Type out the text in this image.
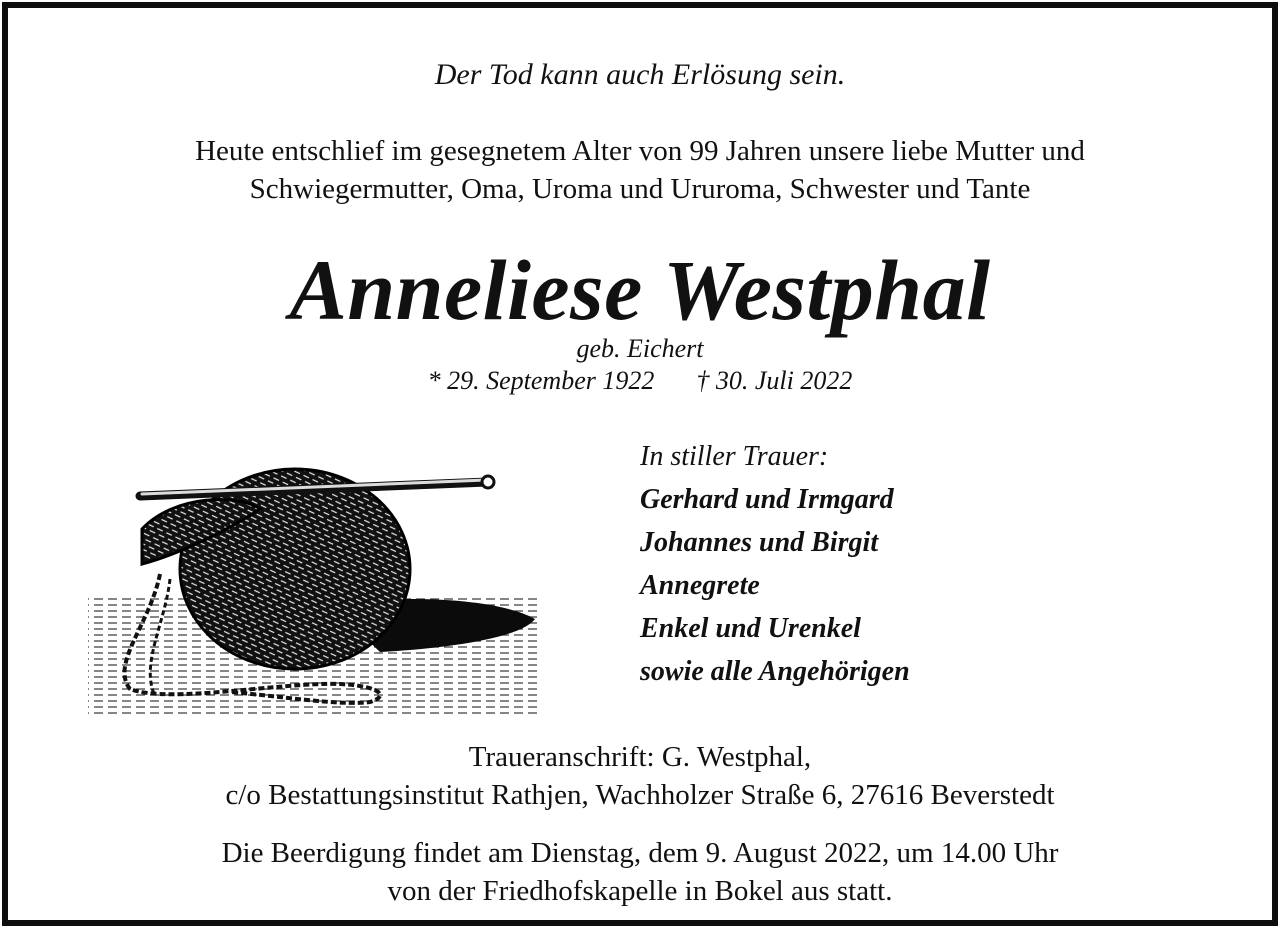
Der Tod kann auch Erlösung sein.
Heute entschlief im gesegnetem Alter von 99 Jahren unsere liebe Mutter und
Schwiegermutter, Oma, Uroma und Ururoma, Schwester und Tante
Anneliese Westphal
geb. Eichert
* 29. September 1922 † 30. Juli 2022
In stiller Trauer:
Gerhard und Irmgard
Johannes und Birgit
Annegrete
Enkel und Urenkel
sowie alle Angehörigen
Traueranschrift: G. Westphal,
c/o Bestattungsinstitut Rathjen, Wachholzer Straße 6, 27616 Beverstedt
Die Beerdigung findet am Dienstag, dem 9. August 2022, um 14.00 Uhr
von der Friedhofskapelle in Bokel aus statt.
